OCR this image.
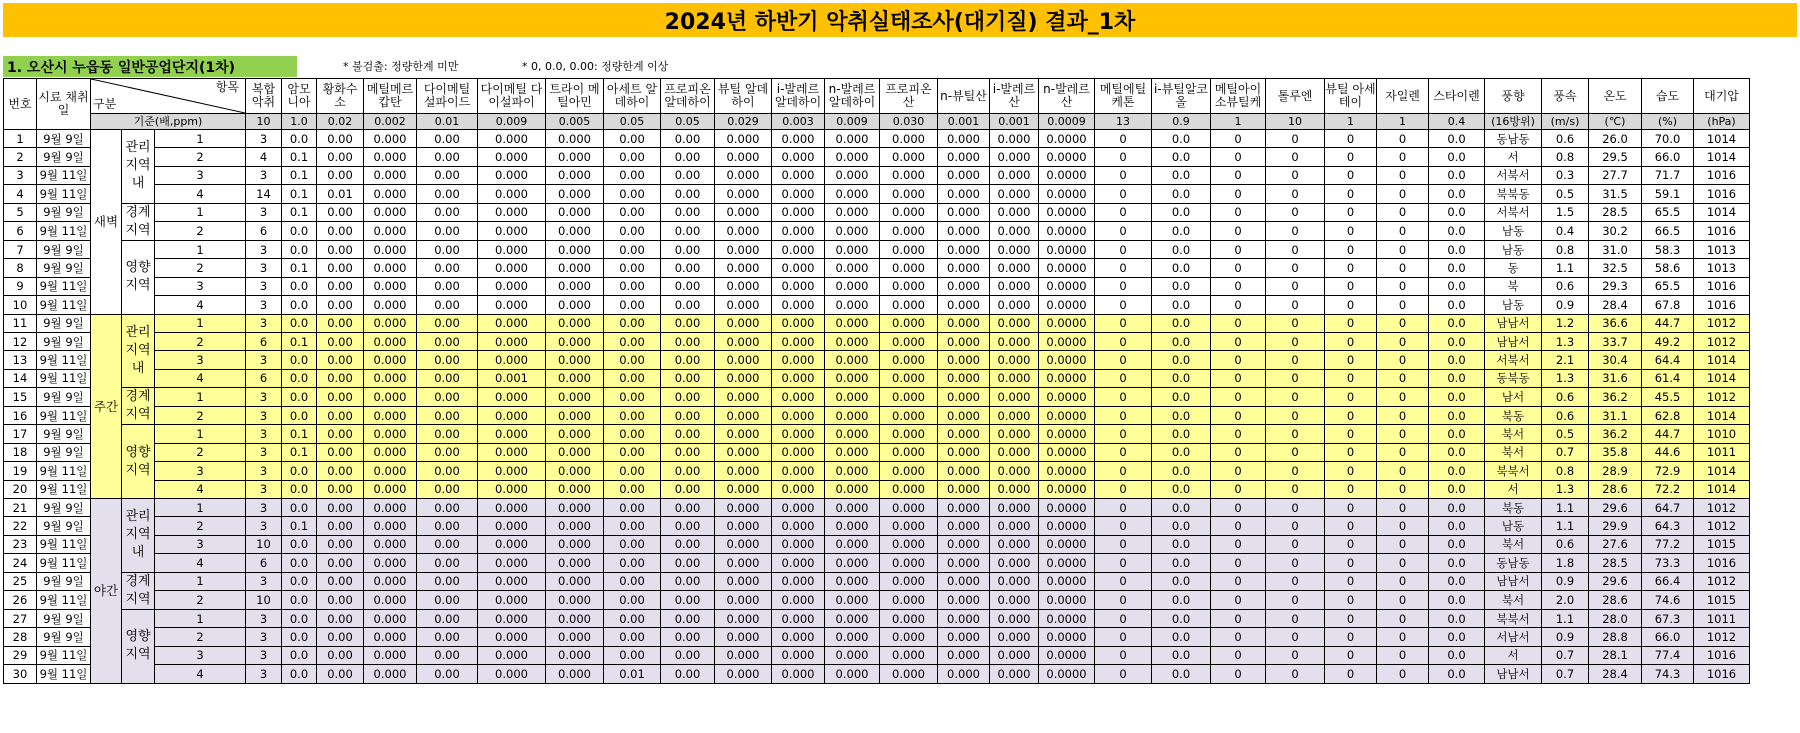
2024년 하반기 악취실태조사(대기질) 결과_1차
1. 오산시 누읍동 일반공업단지(1차)	* 불검출: 정량한계 미만	* 0, 0.0, 0.00: 정량한계 이상
번호	시료 채취일	항목
구분			복합 악취	암모니아	황화수소	메틸메르캅탄	다이메틸 설파이드	다이메틸 다이설파이	트라이 메틸아민	아세트 알데하이	프로피온 알데하이	뷰틸 알데하이	i-발레르 알데하이	n-발레르 알데하이	프로피온산	n-뷰틸산	i-발레르산	n-발레르산	메틸에틸 케톤	i-뷰틸알코올	메틸아이 소뷰틸케	톨루엔	뷰틸 아세테이	자일렌	스타이렌	풍향	풍속	온도	습도	대기압
		기준(배,ppm)			10	1.0	0.02	0.002	0.01	0.009	0.005	0.05	0.05	0.029	0.003	0.009	0.030	0.001	0.001	0.0009	13	0.9	1	10	1	1	0.4	(16방위)	(m/s)	(℃)	(%)	(hPa)
1	9월 9일	새벽	관리 지역 내	1	3	0.0	0.00	0.000	0.00	0.000	0.000	0.00	0.00	0.000	0.000	0.000	0.000	0.000	0.000	0.0000	0	0.0	0	0	0	0	0.0	동남동	0.6	26.0	70.0	1014
2	9월 9일			2	4	0.1	0.00	0.000	0.00	0.000	0.000	0.00	0.00	0.000	0.000	0.000	0.000	0.000	0.000	0.0000	0	0.0	0	0	0	0	0.0	서	0.8	29.5	66.0	1014
3	9월 11일			3	3	0.1	0.00	0.000	0.00	0.000	0.000	0.00	0.00	0.000	0.000	0.000	0.000	0.000	0.000	0.0000	0	0.0	0	0	0	0	0.0	서북서	0.3	27.7	71.7	1016
4	9월 11일			4	14	0.1	0.01	0.000	0.00	0.000	0.000	0.00	0.00	0.000	0.000	0.000	0.000	0.000	0.000	0.0000	0	0.0	0	0	0	0	0.0	북북동	0.5	31.5	59.1	1016
5	9월 9일		경계 지역	1	3	0.1	0.00	0.000	0.00	0.000	0.000	0.00	0.00	0.000	0.000	0.000	0.000	0.000	0.000	0.0000	0	0.0	0	0	0	0	0.0	서북서	1.5	28.5	65.5	1014
6	9월 11일			2	6	0.0	0.00	0.000	0.00	0.000	0.000	0.00	0.00	0.000	0.000	0.000	0.000	0.000	0.000	0.0000	0	0.0	0	0	0	0	0.0	남동	0.4	30.2	66.5	1016
7	9월 9일		영향 지역	1	3	0.0	0.00	0.000	0.00	0.000	0.000	0.00	0.00	0.000	0.000	0.000	0.000	0.000	0.000	0.0000	0	0.0	0	0	0	0	0.0	남동	0.8	31.0	58.3	1013
8	9월 9일			2	3	0.1	0.00	0.000	0.00	0.000	0.000	0.00	0.00	0.000	0.000	0.000	0.000	0.000	0.000	0.0000	0	0.0	0	0	0	0	0.0	동	1.1	32.5	58.6	1013
9	9월 11일			3	3	0.0	0.00	0.000	0.00	0.000	0.000	0.00	0.00	0.000	0.000	0.000	0.000	0.000	0.000	0.0000	0	0.0	0	0	0	0	0.0	북	0.6	29.3	65.5	1016
10	9월 11일			4	3	0.0	0.00	0.000	0.00	0.000	0.000	0.00	0.00	0.000	0.000	0.000	0.000	0.000	0.000	0.0000	0	0.0	0	0	0	0	0.0	남동	0.9	28.4	67.8	1016
11	9월 9일	주간	관리 지역 내	1	3	0.0	0.00	0.000	0.00	0.000	0.000	0.00	0.00	0.000	0.000	0.000	0.000	0.000	0.000	0.0000	0	0.0	0	0	0	0	0.0	남남서	1.2	36.6	44.7	1012
12	9월 9일			2	6	0.1	0.00	0.000	0.00	0.000	0.000	0.00	0.00	0.000	0.000	0.000	0.000	0.000	0.000	0.0000	0	0.0	0	0	0	0	0.0	남남서	1.3	33.7	49.2	1012
13	9월 11일			3	3	0.0	0.00	0.000	0.00	0.000	0.000	0.00	0.00	0.000	0.000	0.000	0.000	0.000	0.000	0.0000	0	0.0	0	0	0	0	0.0	서북서	2.1	30.4	64.4	1014
14	9월 11일			4	6	0.0	0.00	0.000	0.00	0.001	0.000	0.00	0.00	0.000	0.000	0.000	0.000	0.000	0.000	0.0000	0	0.0	0	0	0	0	0.0	동북동	1.3	31.6	61.4	1014
15	9월 9일		경계 지역	1	3	0.0	0.00	0.000	0.00	0.000	0.000	0.00	0.00	0.000	0.000	0.000	0.000	0.000	0.000	0.0000	0	0.0	0	0	0	0	0.0	남서	0.6	36.2	45.5	1012
16	9월 11일			2	3	0.0	0.00	0.000	0.00	0.000	0.000	0.00	0.00	0.000	0.000	0.000	0.000	0.000	0.000	0.0000	0	0.0	0	0	0	0	0.0	북동	0.6	31.1	62.8	1014
17	9월 9일		영향 지역	1	3	0.1	0.00	0.000	0.00	0.000	0.000	0.00	0.00	0.000	0.000	0.000	0.000	0.000	0.000	0.0000	0	0.0	0	0	0	0	0.0	북서	0.5	36.2	44.7	1010
18	9월 9일			2	3	0.1	0.00	0.000	0.00	0.000	0.000	0.00	0.00	0.000	0.000	0.000	0.000	0.000	0.000	0.0000	0	0.0	0	0	0	0	0.0	북서	0.7	35.8	44.6	1011
19	9월 11일			3	3	0.0	0.00	0.000	0.00	0.000	0.000	0.00	0.00	0.000	0.000	0.000	0.000	0.000	0.000	0.0000	0	0.0	0	0	0	0	0.0	북북서	0.8	28.9	72.9	1014
20	9월 11일			4	3	0.0	0.00	0.000	0.00	0.000	0.000	0.00	0.00	0.000	0.000	0.000	0.000	0.000	0.000	0.0000	0	0.0	0	0	0	0	0.0	서	1.3	28.6	72.2	1014
21	9월 9일	야간	관리 지역 내	1	3	0.0	0.00	0.000	0.00	0.000	0.000	0.00	0.00	0.000	0.000	0.000	0.000	0.000	0.000	0.0000	0	0.0	0	0	0	0	0.0	북동	1.1	29.6	64.7	1012
22	9월 9일			2	3	0.1	0.00	0.000	0.00	0.000	0.000	0.00	0.00	0.000	0.000	0.000	0.000	0.000	0.000	0.0000	0	0.0	0	0	0	0	0.0	남동	1.1	29.9	64.3	1012
23	9월 11일			3	10	0.0	0.00	0.000	0.00	0.000	0.000	0.00	0.00	0.000	0.000	0.000	0.000	0.000	0.000	0.0000	0	0.0	0	0	0	0	0.0	북서	0.6	27.6	77.2	1015
24	9월 11일			4	6	0.0	0.00	0.000	0.00	0.000	0.000	0.00	0.00	0.000	0.000	0.000	0.000	0.000	0.000	0.0000	0	0.0	0	0	0	0	0.0	동남동	1.8	28.5	73.3	1016
25	9월 9일		경계 지역	1	3	0.0	0.00	0.000	0.00	0.000	0.000	0.00	0.00	0.000	0.000	0.000	0.000	0.000	0.000	0.0000	0	0.0	0	0	0	0	0.0	남남서	0.9	29.6	66.4	1012
26	9월 11일			2	10	0.0	0.00	0.000	0.00	0.000	0.000	0.00	0.00	0.000	0.000	0.000	0.000	0.000	0.000	0.0000	0	0.0	0	0	0	0	0.0	북서	2.0	28.6	74.6	1015
27	9월 9일		영향 지역	1	3	0.0	0.00	0.000	0.00	0.000	0.000	0.00	0.00	0.000	0.000	0.000	0.000	0.000	0.000	0.0000	0	0.0	0	0	0	0	0.0	북북서	1.1	28.0	67.3	1011
28	9월 9일			2	3	0.0	0.00	0.000	0.00	0.000	0.000	0.00	0.00	0.000	0.000	0.000	0.000	0.000	0.000	0.0000	0	0.0	0	0	0	0	0.0	서남서	0.9	28.8	66.0	1012
29	9월 11일			3	3	0.0	0.00	0.000	0.00	0.000	0.000	0.00	0.00	0.000	0.000	0.000	0.000	0.000	0.000	0.0000	0	0.0	0	0	0	0	0.0	서	0.7	28.1	77.4	1016
30	9월 11일			4	3	0.0	0.00	0.000	0.00	0.000	0.000	0.01	0.00	0.000	0.000	0.000	0.000	0.000	0.000	0.0000	0	0.0	0	0	0	0	0.0	남남서	0.7	28.4	74.3	1016
